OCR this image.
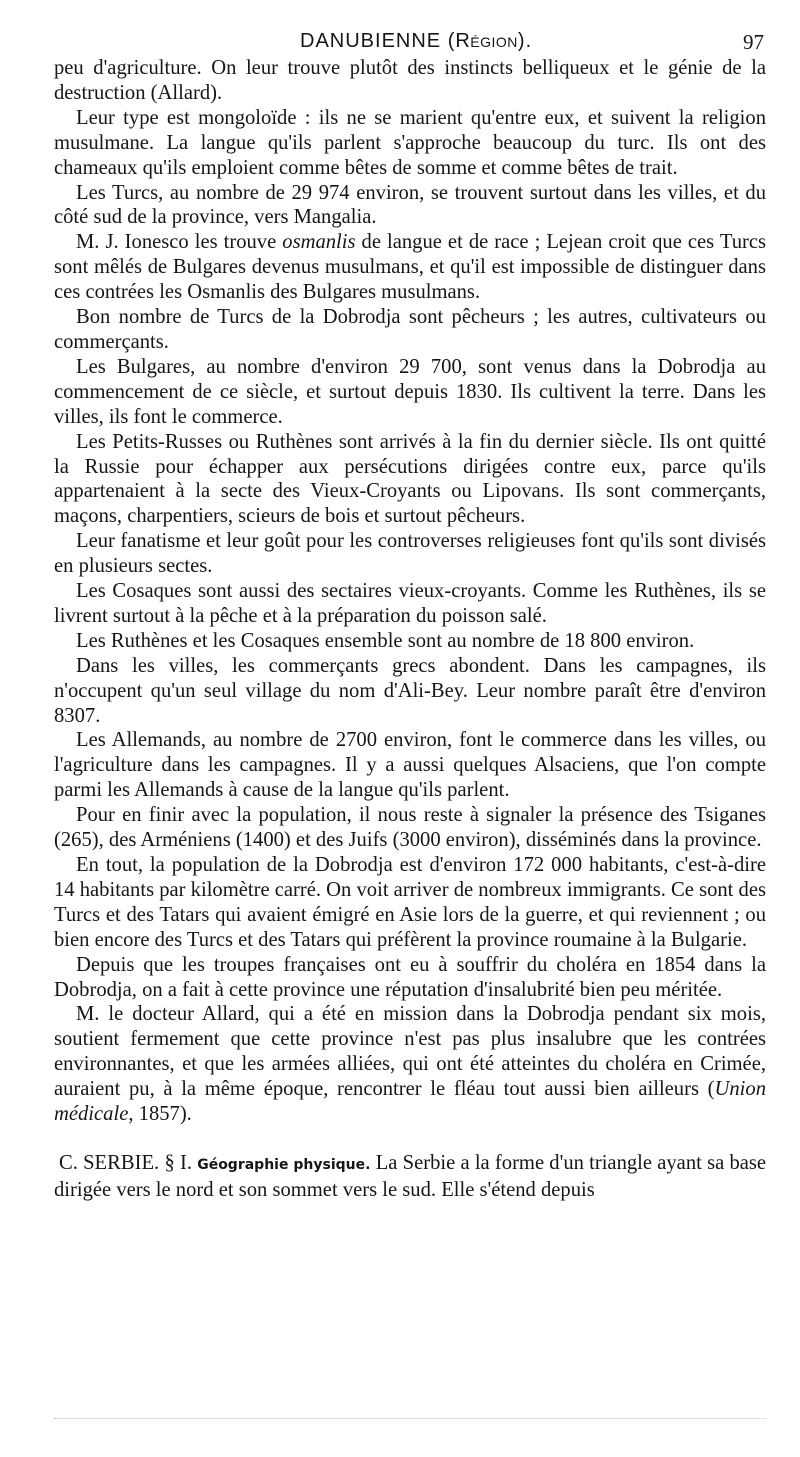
DANUBIENNE (Région).	97

peu d'agriculture. On leur trouve plutôt des instincts belliqueux et le génie de la destruction (Allard).

Leur type est mongoloïde : ils ne se marient qu'entre eux, et suivent la religion musulmane. La langue qu'ils parlent s'approche beaucoup du turc. Ils ont des chameaux qu'ils emploient comme bêtes de somme et comme bêtes de trait.

Les Turcs, au nombre de 29 974 environ, se trouvent surtout dans les villes, et du côté sud de la province, vers Mangalia.

M. J. Ionesco les trouve osmanlis de langue et de race ; Lejean croit que ces Turcs sont mêlés de Bulgares devenus musulmans, et qu'il est impossible de distinguer dans ces contrées les Osmanlis des Bulgares musulmans.

Bon nombre de Turcs de la Dobrodja sont pêcheurs ; les autres, cultivateurs ou commerçants.

Les Bulgares, au nombre d'environ 29 700, sont venus dans la Dobrodja au commencement de ce siècle, et surtout depuis 1830. Ils cultivent la terre. Dans les villes, ils font le commerce.

Les Petits-Russes ou Ruthènes sont arrivés à la fin du dernier siècle. Ils ont quitté la Russie pour échapper aux persécutions dirigées contre eux, parce qu'ils appartenaient à la secte des Vieux-Croyants ou Lipovans. Ils sont commerçants, maçons, charpentiers, scieurs de bois et surtout pêcheurs.

Leur fanatisme et leur goût pour les controverses religieuses font qu'ils sont divisés en plusieurs sectes.

Les Cosaques sont aussi des sectaires vieux-croyants. Comme les Ruthènes, ils se livrent surtout à la pêche et à la préparation du poisson salé.

Les Ruthènes et les Cosaques ensemble sont au nombre de 18 800 environ.

Dans les villes, les commerçants grecs abondent. Dans les campagnes, ils n'occupent qu'un seul village du nom d'Ali-Bey. Leur nombre paraît être d'environ 8307.

Les Allemands, au nombre de 2700 environ, font le commerce dans les villes, ou l'agriculture dans les campagnes. Il y a aussi quelques Alsaciens, que l'on compte parmi les Allemands à cause de la langue qu'ils parlent.

Pour en finir avec la population, il nous reste à signaler la présence des Tsiganes (265), des Arméniens (1400) et des Juifs (3000 environ), disséminés dans la province.

En tout, la population de la Dobrodja est d'environ 172 000 habitants, c'est-à-dire 14 habitants par kilomètre carré. On voit arriver de nombreux immigrants. Ce sont des Turcs et des Tatars qui avaient émigré en Asie lors de la guerre, et qui reviennent ; ou bien encore des Turcs et des Tatars qui préfèrent la province roumaine à la Bulgarie.

Depuis que les troupes françaises ont eu à souffrir du choléra en 1854 dans la Dobrodja, on a fait à cette province une réputation d'insalubrité bien peu méritée.

M. le docteur Allard, qui a été en mission dans la Dobrodja pendant six mois, soutient fermement que cette province n'est pas plus insalubre que les contrées environnantes, et que les armées alliées, qui ont été atteintes du choléra en Crimée, auraient pu, à la même époque, rencontrer le fléau tout aussi bien ailleurs (Union médicale, 1857).

C. SERBIE. § I. Géographie physique. La Serbie a la forme d'un triangle ayant sa base dirigée vers le nord et son sommet vers le sud. Elle s'étend depuis
